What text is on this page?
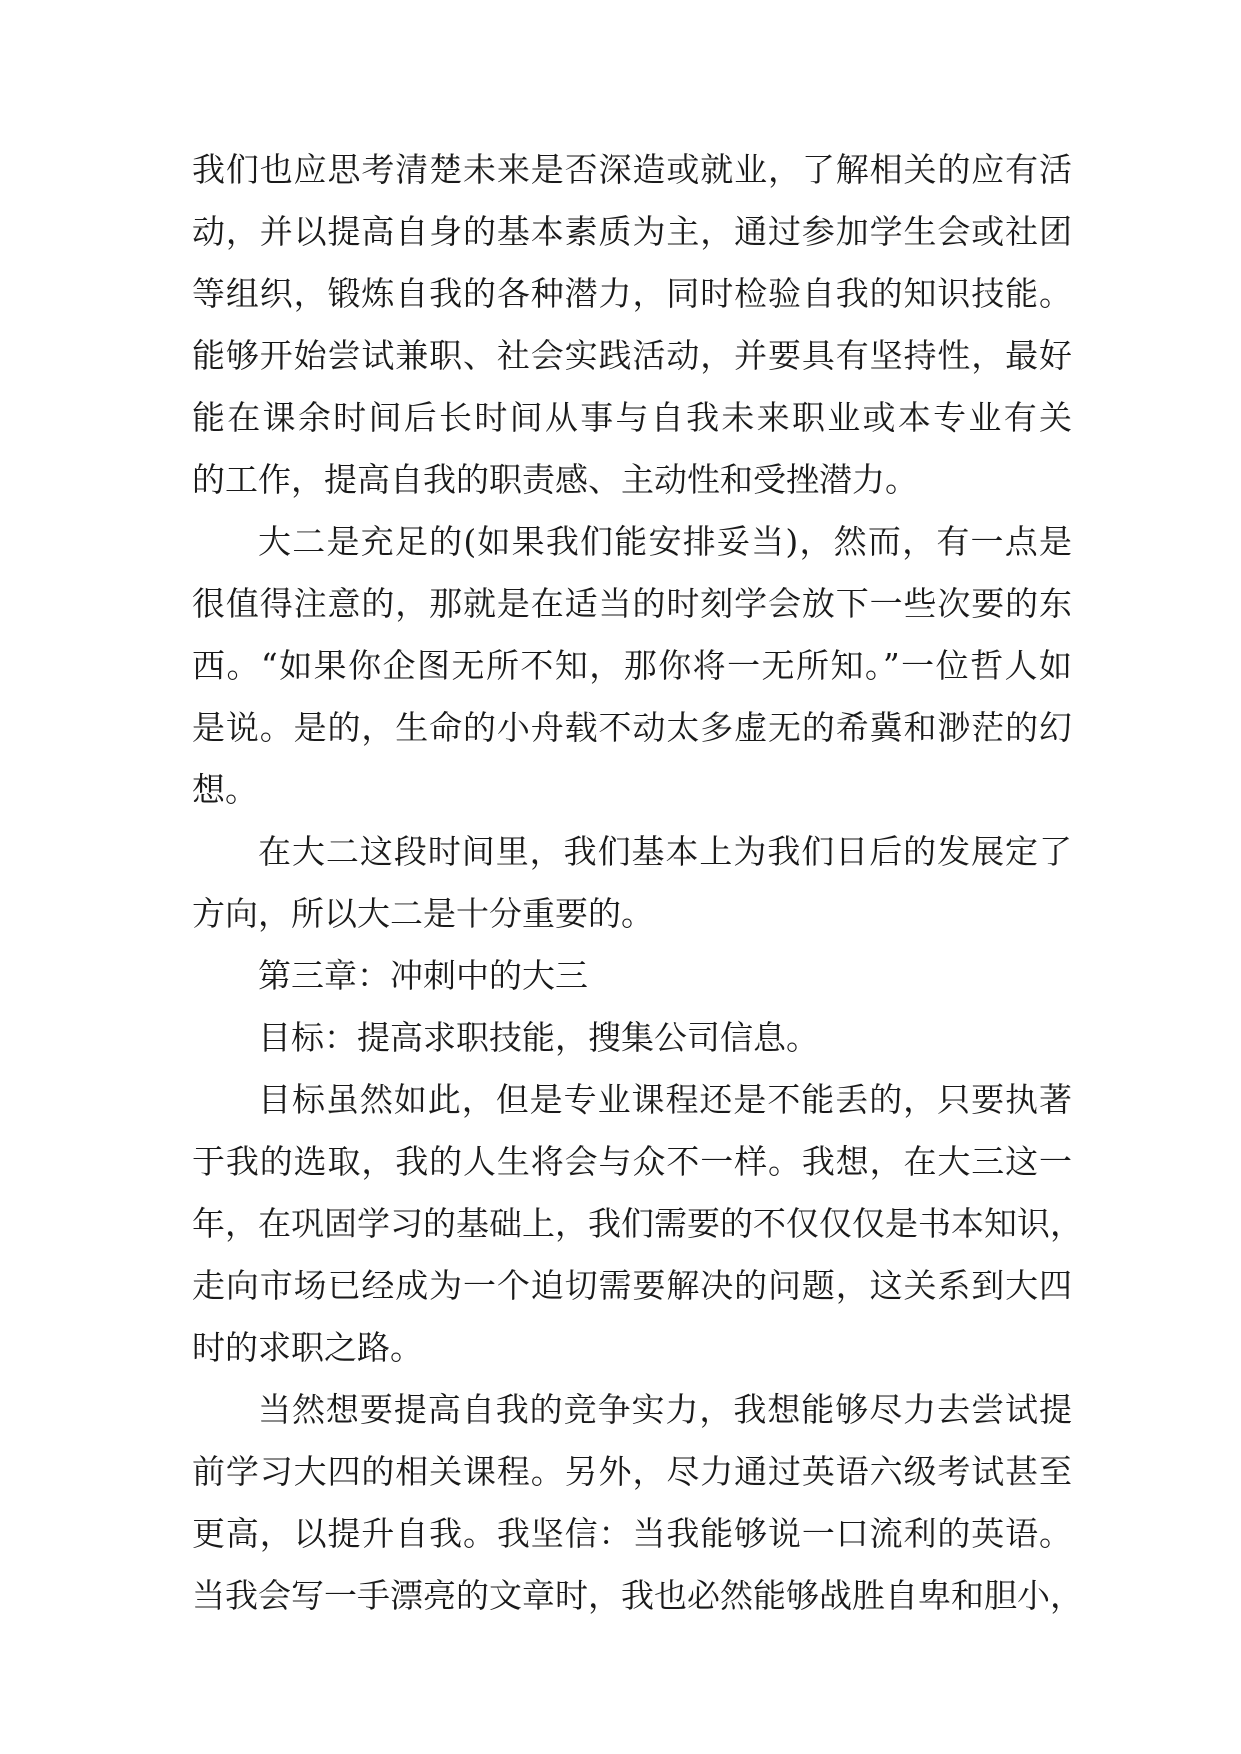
我们也应思考清楚未来是否深造或就业，了解相关的应有活
动，并以提高自身的基本素质为主，通过参加学生会或社团
等组织，锻炼自我的各种潜力，同时检验自我的知识技能。
能够开始尝试兼职、社会实践活动，并要具有坚持性，最好
能在课余时间后长时间从事与自我未来职业或本专业有关
的工作，提高自我的职责感、主动性和受挫潜力。
大二是充足的(如果我们能安排妥当)，然而，有一点是
很值得注意的，那就是在适当的时刻学会放下一些次要的东
西。“如果你企图无所不知，那你将一无所知。”一位哲人如
是说。是的，生命的小舟载不动太多虚无的希冀和渺茫的幻
想。
在大二这段时间里，我们基本上为我们日后的发展定了
方向，所以大二是十分重要的。
第三章：冲刺中的大三
目标：提高求职技能，搜集公司信息。
目标虽然如此，但是专业课程还是不能丢的，只要执著
于我的选取，我的人生将会与众不一样。我想，在大三这一
年，在巩固学习的基础上，我们需要的不仅仅仅是书本知识，
走向市场已经成为一个迫切需要解决的问题，这关系到大四
时的求职之路。
当然想要提高自我的竞争实力，我想能够尽力去尝试提
前学习大四的相关课程。另外，尽力通过英语六级考试甚至
更高，以提升自我。我坚信：当我能够说一口流利的英语。
当我会写一手漂亮的文章时，我也必然能够战胜自卑和胆小，
